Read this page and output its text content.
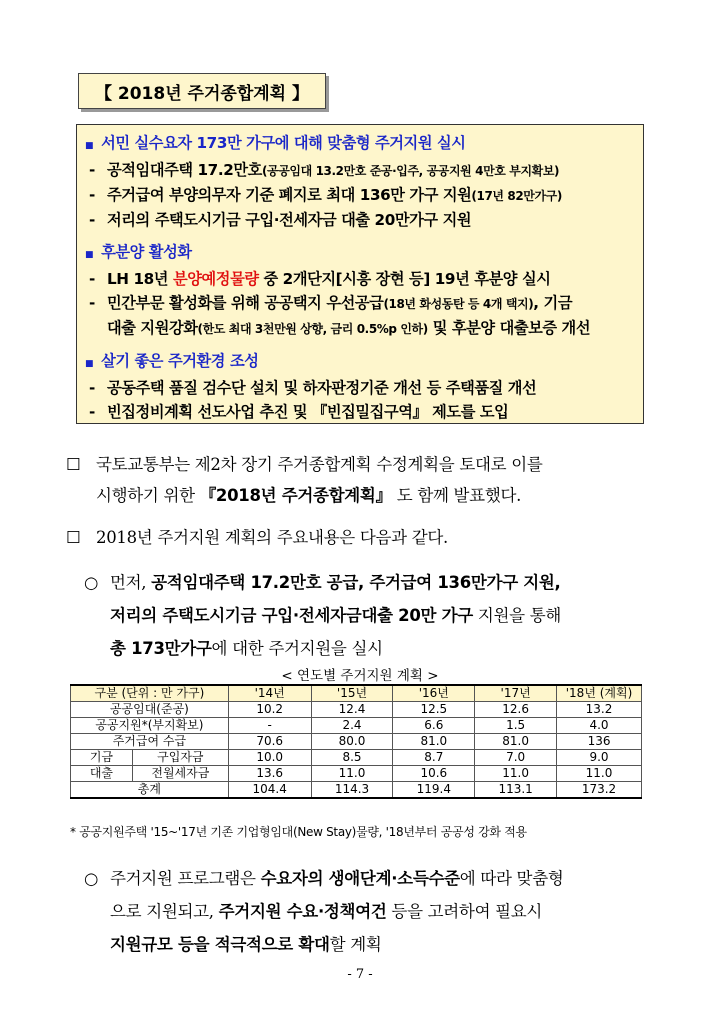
【 2018년 주거종합계획 】
■ 서민 실수요자 173만 가구에 대해 맞춤형 주거지원 실시
- 공적임대주택 17.2만호 (공공임대 13.2만호 준공·입주, 공공지원 4만호 부지확보)
- 주거급여 부양의무자 기준 폐지로 최대 136만 가구 지원 (17년 82만가구)
- 저리의 주택도시기금 구입·전세자금 대출 20만가구 지원
■ 후분양 활성화
- LH 18년 분양예정물량 중 2개단지[시흥 장현 등] 19년 후분양 실시
- 민간부문 활성화를 위해 공공택지 우선공급 (18년 화성동탄 등 4개 택지) , 기금
대출 지원강화 (한도 최대 3천만원 상향, 금리 0.5%p 인하) 및 후분양 대출보증 개선
■ 살기 좋은 주거환경 조성
- 공동주택 품질 검수단 설치 및 하자판정기준 개선 등 주택품질 개선
- 빈집정비계획 선도사업 추진 및 『빈집밀집구역』 제도를 도입
☐ 국토교통부는 제2차 장기 주거종합계획 수정계획을 토대로 이를
시행하기 위한 『2018년 주거종합계획』
도 함께 발표했다.
☐ 2018년 주거지원 계획의 주요내용은 다음과 같다.
○ 먼저, 공적임대주택 17.2만호 공급, 주거급여 136만가구 지원,
저리의 주택도시기금 구입·전세자금대출 20만 가구 지원을 통해
총 173만가구에 대한 주거지원을 실시
< 연도별 주거지원 계획 >
구분 (단위 : 만 가구)		'14년	'15년	'16년	'17년	'18년 (계획)
공공임대(준공)		10.2	12.4	12.5	12.6	13.2
공공지원*(부지확보)		-	2.4	6.6	1.5	4.0
주거급여 수급		70.6	80.0	81.0	81.0	136
기금	구입자금	10.0	8.5	8.7	7.0	9.0
대출	전월세자금	13.6	11.0	10.6	11.0	11.0
총계		104.4	114.3	119.4	113.1	173.2
* 공공지원주택 '15~'17년 기존 기업형임대(New Stay)물량, '18년부터 공공성 강화 적용
○ 주거지원 프로그램은 수요자의 생애단계·소득수준에 따라 맞춤형
으로 지원되고, 주거지원 수요·정책여건 등을 고려하여 필요시
지원규모 등을 적극적으로 확대할 계획
- 7 -
